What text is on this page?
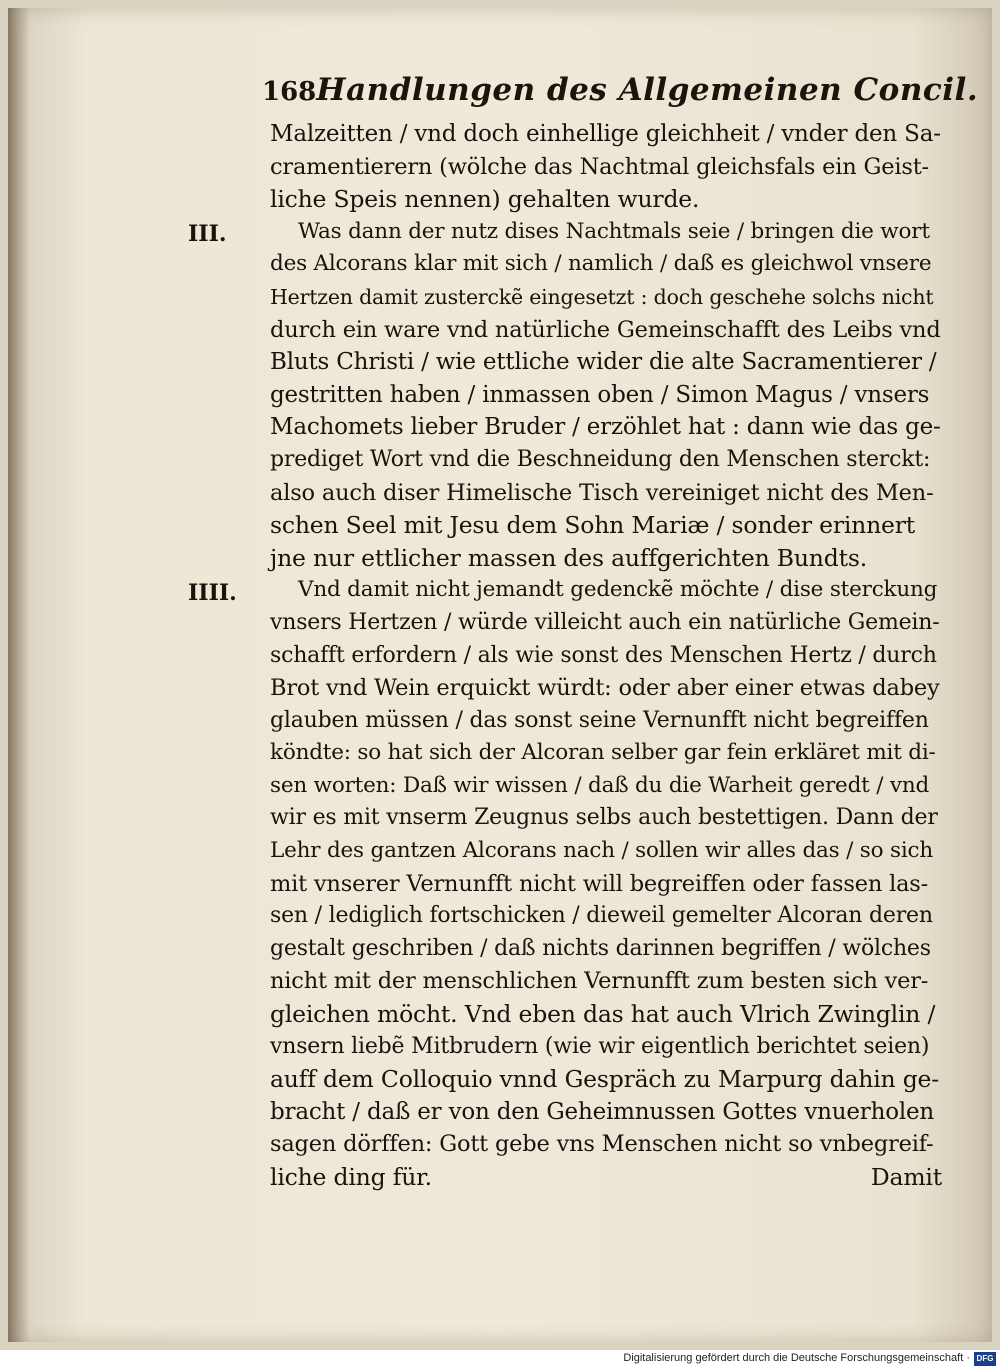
168 Handlungen des Allgemeinen Concil.
III.
IIII.
Malzeitten / vnd doch einhellige gleichheit / vnder den Sa-
cramentierern (wölche das Nachtmal gleichsfals ein Geist-
liche Speis nennen) gehalten wurde.
Was dann der nutz dises Nachtmals seie / bringen die wort
des Alcorans klar mit sich / namlich / daß es gleichwol vnsere
Hertzen damit zusterckẽ eingesetzt : doch geschehe solchs nicht
durch ein ware vnd natürliche Gemeinschafft des Leibs vnd
Bluts Christi / wie ettliche wider die alte Sacramentierer /
gestritten haben / inmassen oben / Simon Magus / vnsers
Machomets lieber Bruder / erzöhlet hat : dann wie das ge-
prediget Wort vnd die Beschneidung den Menschen sterckt:
also auch diser Himelische Tisch vereiniget nicht des Men-
schen Seel mit Jesu dem Sohn Mariæ / sonder erinnert
jne nur ettlicher massen des auffgerichten Bundts.
Vnd damit nicht jemandt gedenckẽ möchte / dise sterckung
vnsers Hertzen / würde villeicht auch ein natürliche Gemein-
schafft erfordern / als wie sonst des Menschen Hertz / durch
Brot vnd Wein erquickt würdt: oder aber einer etwas dabey
glauben müssen / das sonst seine Vernunfft nicht begreiffen
köndte: so hat sich der Alcoran selber gar fein erkläret mit di-
sen worten: Daß wir wissen / daß du die Warheit geredt / vnd
wir es mit vnserm Zeugnus selbs auch bestettigen. Dann der
Lehr des gantzen Alcorans nach / sollen wir alles das / so sich
mit vnserer Vernunfft nicht will begreiffen oder fassen las-
sen / lediglich fortschicken / dieweil gemelter Alcoran deren
gestalt geschriben / daß nichts darinnen begriffen / wölches
nicht mit der menschlichen Vernunfft zum besten sich ver-
gleichen möcht. Vnd eben das hat auch Vlrich Zwinglin /
vnsern liebẽ Mitbrudern (wie wir eigentlich berichtet seien)
auff dem Colloquio vnnd Gespräch zu Marpurg dahin ge-
bracht / daß er von den Geheimnussen Gottes vnuerholen
sagen dörffen: Gott gebe vns Menschen nicht so vnbegreif-
liche ding für.	Damit
Digitalisierung gefördert durch die Deutsche Forschungsgemeinschaft · DFG
